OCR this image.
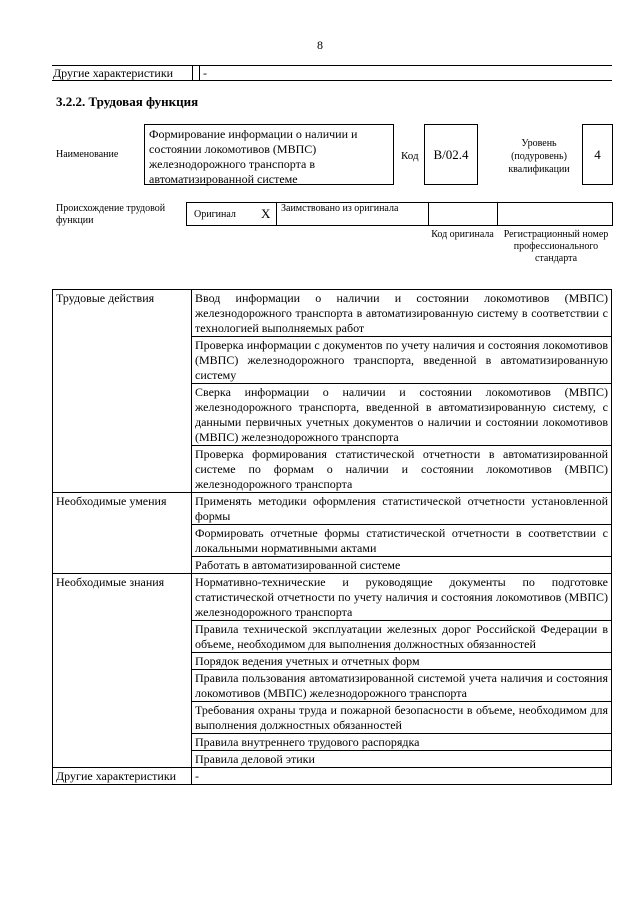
8
Другие характеристики	-
3.2.2. Трудовая функция
Наименование
Формирование информации о наличии и состоянии локомотивов (МВПС) железнодорожного транспорта в автоматизированной системе
Код	B/02.4
Уровень (подуровень) квалификации
4
Происхождение трудовой функции
Оригинал X Заимствовано из оригинала
Код оригинала Регистрационный номер профессионального стандарта
Трудовые действия	Ввод информации о наличии и состоянии локомотивов (МВПС) железнодорожного транспорта в автоматизированную систему в соответствии с технологией выполняемых работ
	Проверка информации с документов по учету наличия и состояния локомотивов (МВПС) железнодорожного транспорта, введенной в автоматизированную систему
	Сверка информации о наличии и состоянии локомотивов (МВПС) железнодорожного транспорта, введенной в автоматизированную систему, с данными первичных учетных документов о наличии и состоянии локомотивов (МВПС) железнодорожного транспорта
	Проверка формирования статистической отчетности в автоматизированной системе по формам о наличии и состоянии локомотивов (МВПС) железнодорожного транспорта
Необходимые умения	Применять методики оформления статистической отчетности установленной формы
	Формировать отчетные формы статистической отчетности в соответствии с локальными нормативными актами
	Работать в автоматизированной системе
Необходимые знания	Нормативно-технические и руководящие документы по подготовке статистической отчетности по учету наличия и состояния локомотивов (МВПС) железнодорожного транспорта
	Правила технической эксплуатации железных дорог Российской Федерации в объеме, необходимом для выполнения должностных обязанностей
	Порядок ведения учетных и отчетных форм
	Правила пользования автоматизированной системой учета наличия и состояния локомотивов (МВПС) железнодорожного транспорта
	Требования охраны труда и пожарной безопасности в объеме, необходимом для выполнения должностных обязанностей
	Правила внутреннего трудового распорядка
	Правила деловой этики
Другие характеристики	-
